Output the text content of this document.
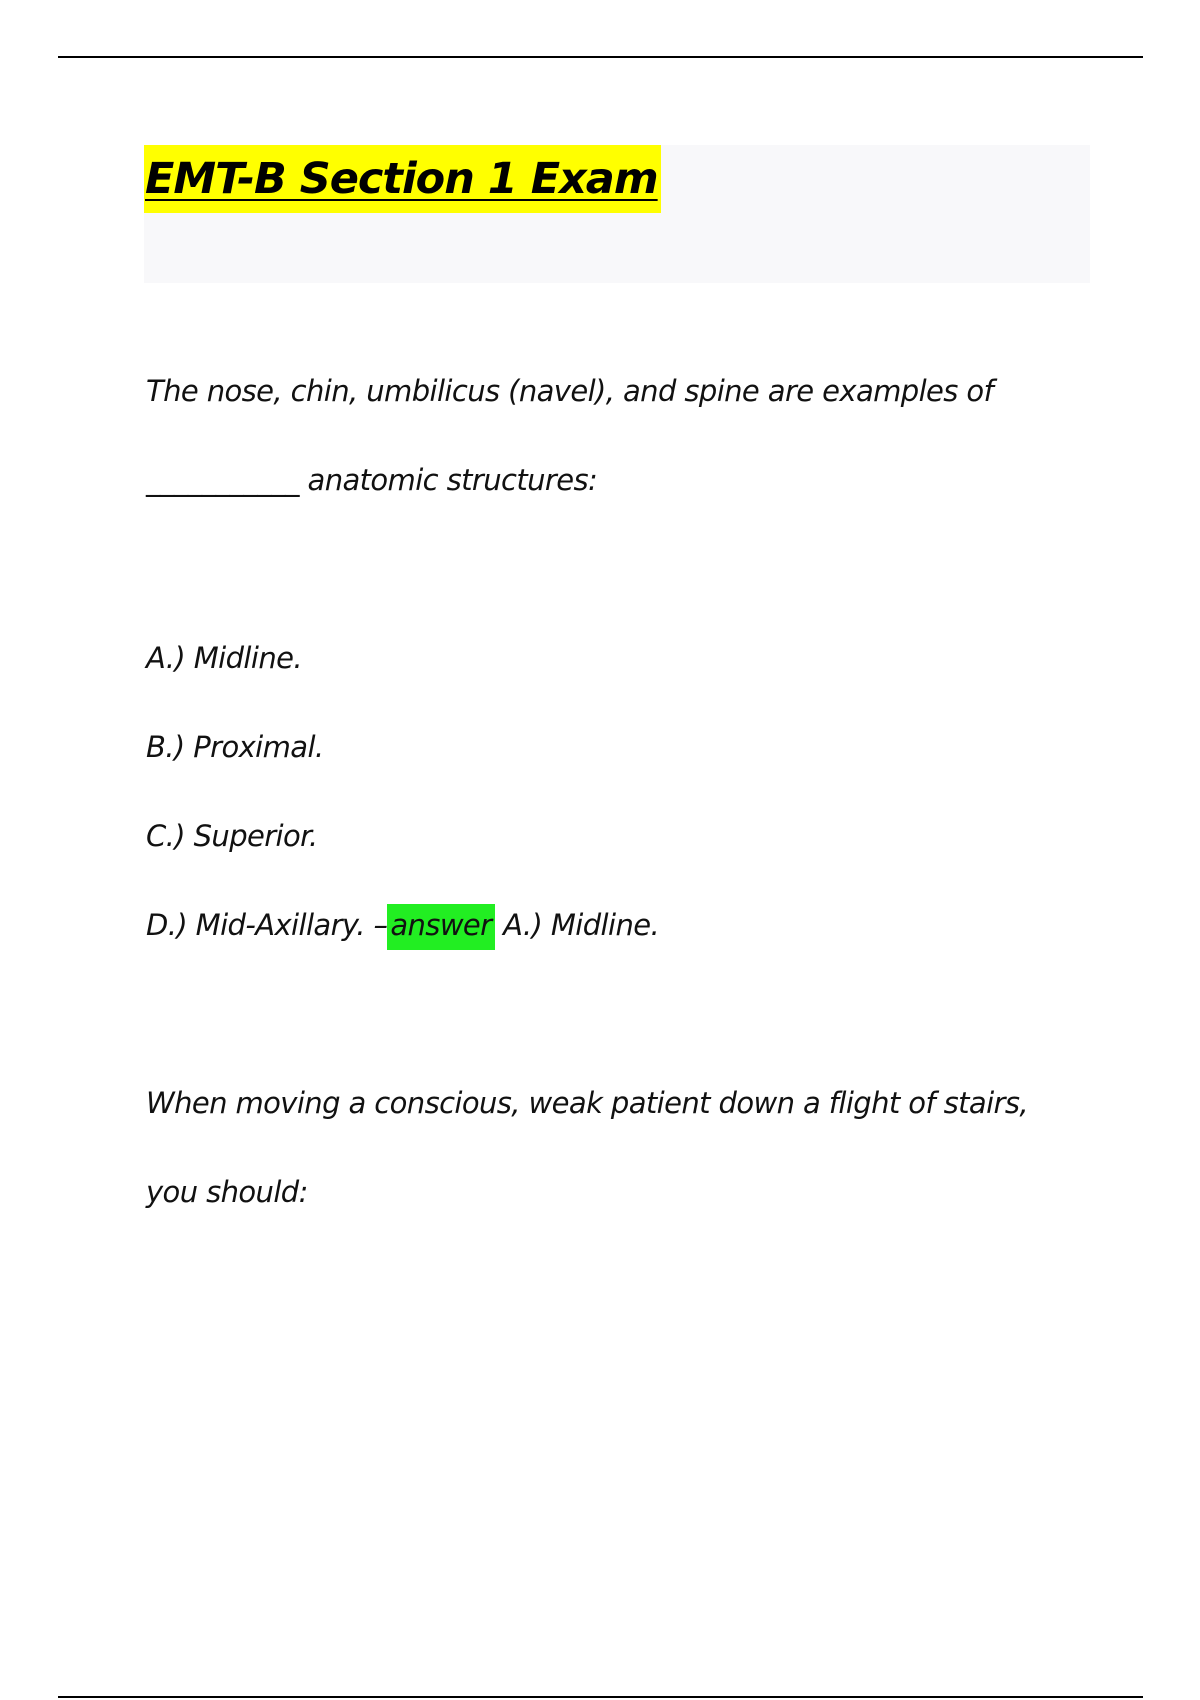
EMT-B Section 1 Exam
The nose, chin, umbilicus (navel), and spine are examples of
___________ anatomic structures:
A.) Midline.
B.) Proximal.
C.) Superior.
D.) Mid-Axillary. – answer A.) Midline.
When moving a conscious, weak patient down a flight of stairs,
you should:
